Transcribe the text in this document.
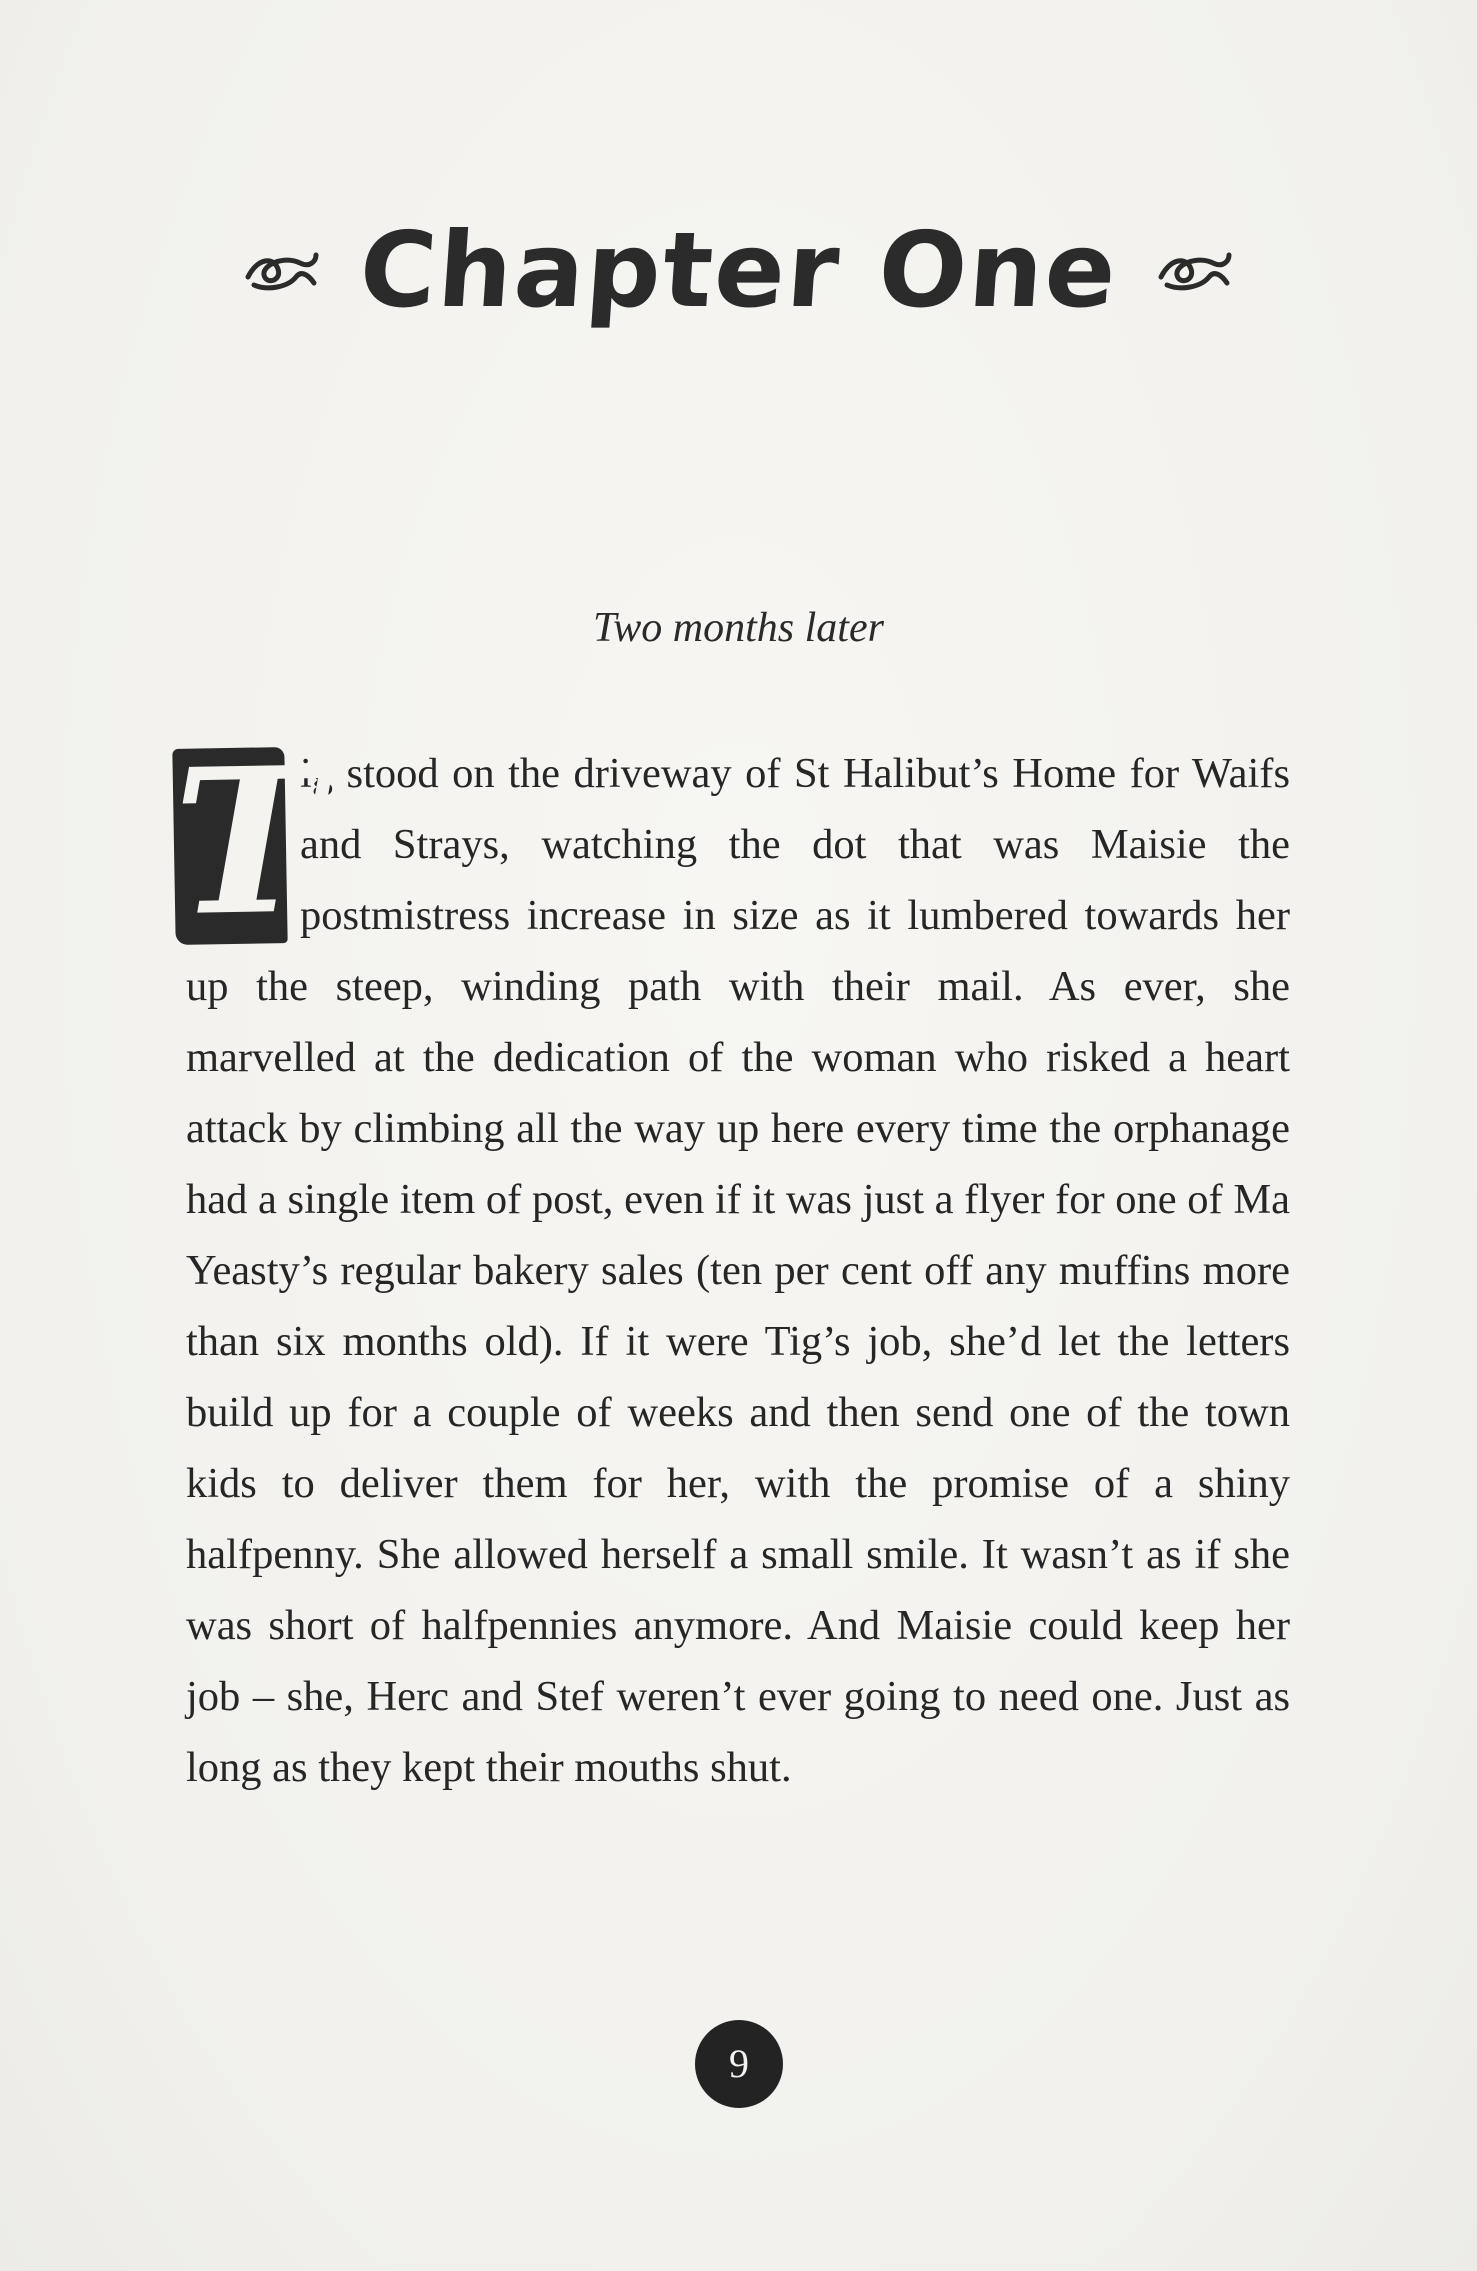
Chapter One
Two months later

T
ig stood on the driveway of St Halibut’s Home for Waifs and Strays, watching the dot that was Maisie the postmistress increase in size as it lumbered towards her up the steep, winding path with their mail. As ever, she marvelled at the dedication of the woman who risked a heart attack by climbing all the way up here every time the orphanage had a single item of post, even if it was just a flyer for one of Ma Yeasty’s regular bakery sales (ten per cent off any muffins more than six months old). If it were Tig’s job, she’d let the letters build up for a couple of weeks and then send one of the town kids to deliver them for her, with the promise of a shiny halfpenny. She allowed herself a small smile. It wasn’t as if she was short of halfpennies anymore. And Maisie could keep her job – she, Herc and Stef weren’t ever going to need one. Just as long as they kept their mouths shut.

9
